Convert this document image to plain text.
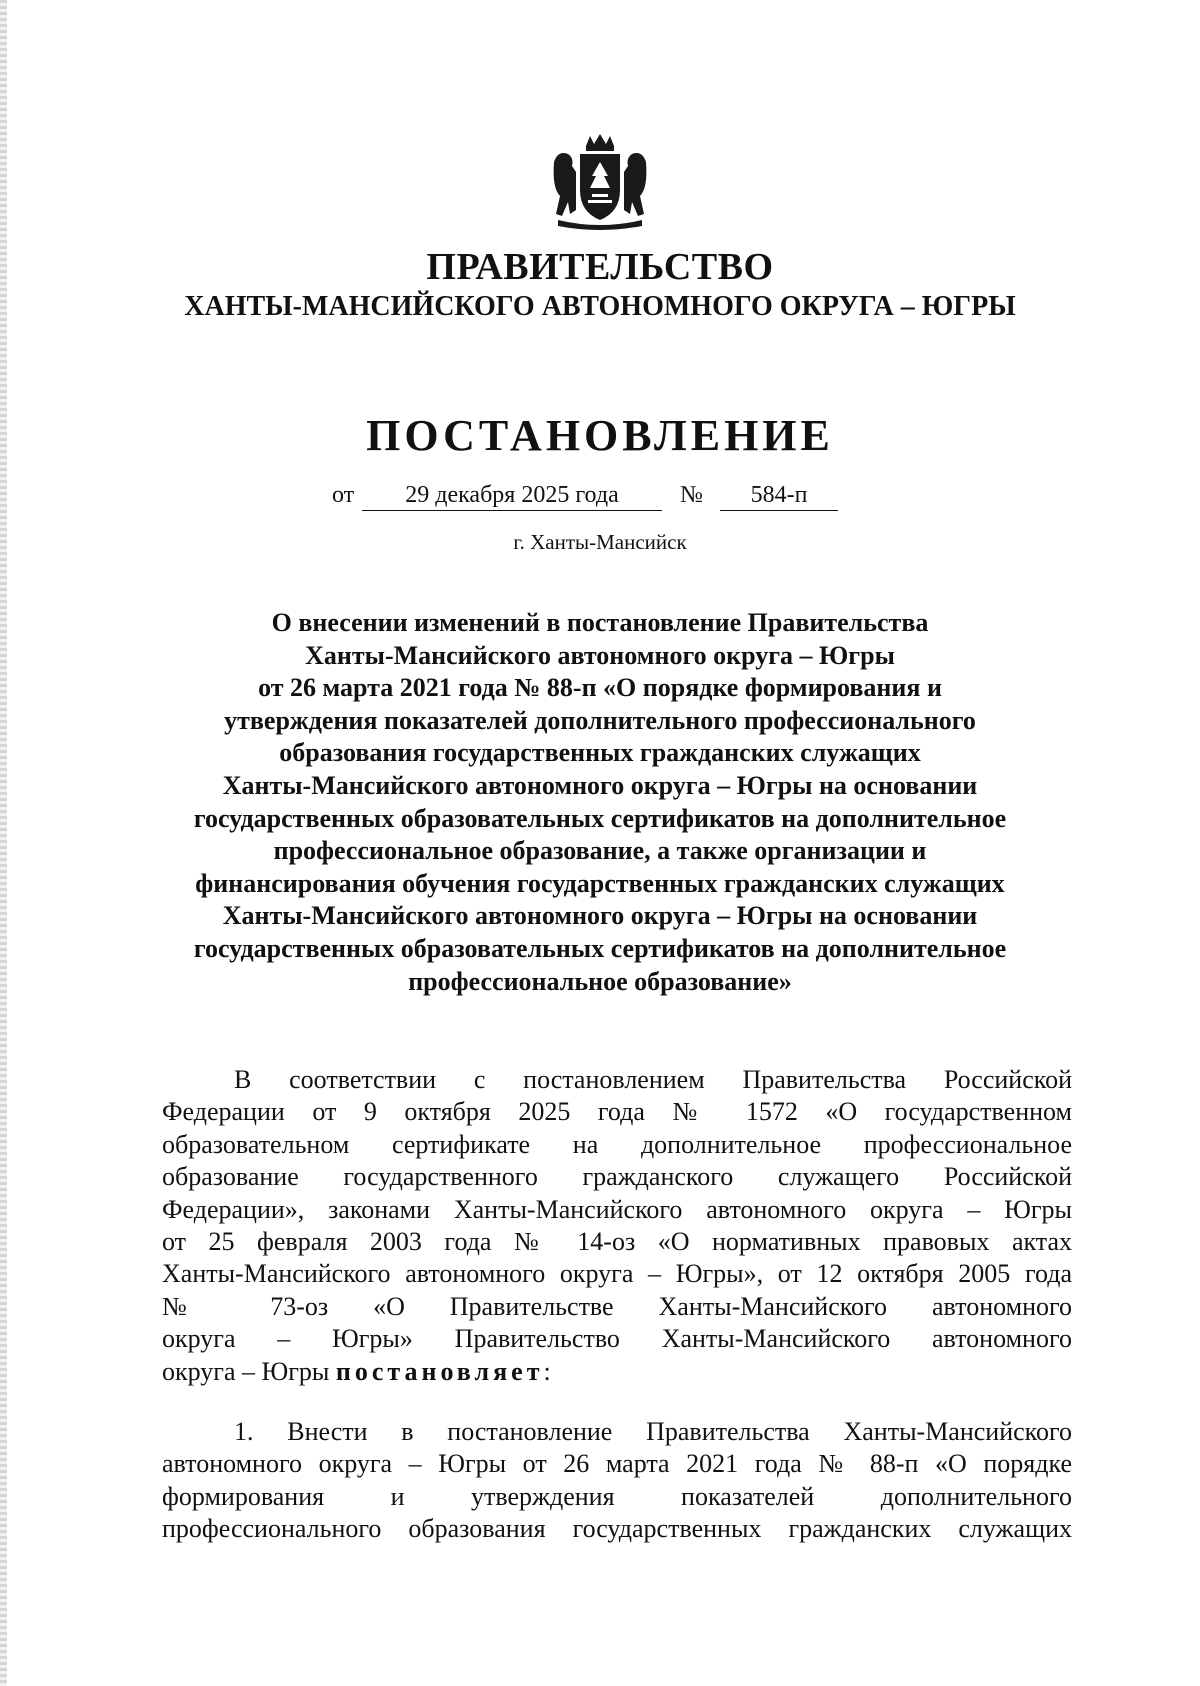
ПРАВИТЕЛЬСТВО
ХАНТЫ-МАНСИЙСКОГО АВТОНОМНОГО ОКРУГА – ЮГРЫ
ПОСТАНОВЛЕНИЕ
от	29 декабря 2025 года	№	584-п
г. Ханты-Мансийск
О внесении изменений в постановление Правительства
Ханты-Мансийского автономного округа – Югры
от 26 марта 2021 года № 88-п «О порядке формирования и
утверждения показателей дополнительного профессионального
образования государственных гражданских служащих
Ханты-Мансийского автономного округа – Югры на основании
государственных образовательных сертификатов на дополнительное
профессиональное образование, а также организации и
финансирования обучения государственных гражданских служащих
Ханты-Мансийского автономного округа – Югры на основании
государственных образовательных сертификатов на дополнительное
профессиональное образование»
В соответствии с постановлением Правительства Российской
Федерации от 9 октября 2025 года № 1572 «О государственном
образовательном сертификате на дополнительное профессиональное
образование государственного гражданского служащего Российской
Федерации», законами Ханты-Мансийского автономного округа – Югры
от 25 февраля 2003 года № 14-оз «О нормативных правовых актах
Ханты-Мансийского автономного округа – Югры», от 12 октября 2005 года
№ 73-оз «О Правительстве Ханты-Мансийского автономного
округа – Югры» Правительство Ханты-Мансийского автономного
округа – Югры постановляет:
1. Внести в постановление Правительства Ханты-Мансийского
автономного округа – Югры от 26 марта 2021 года № 88-п «О порядке
формирования и утверждения показателей дополнительного
профессионального образования государственных гражданских служащих
